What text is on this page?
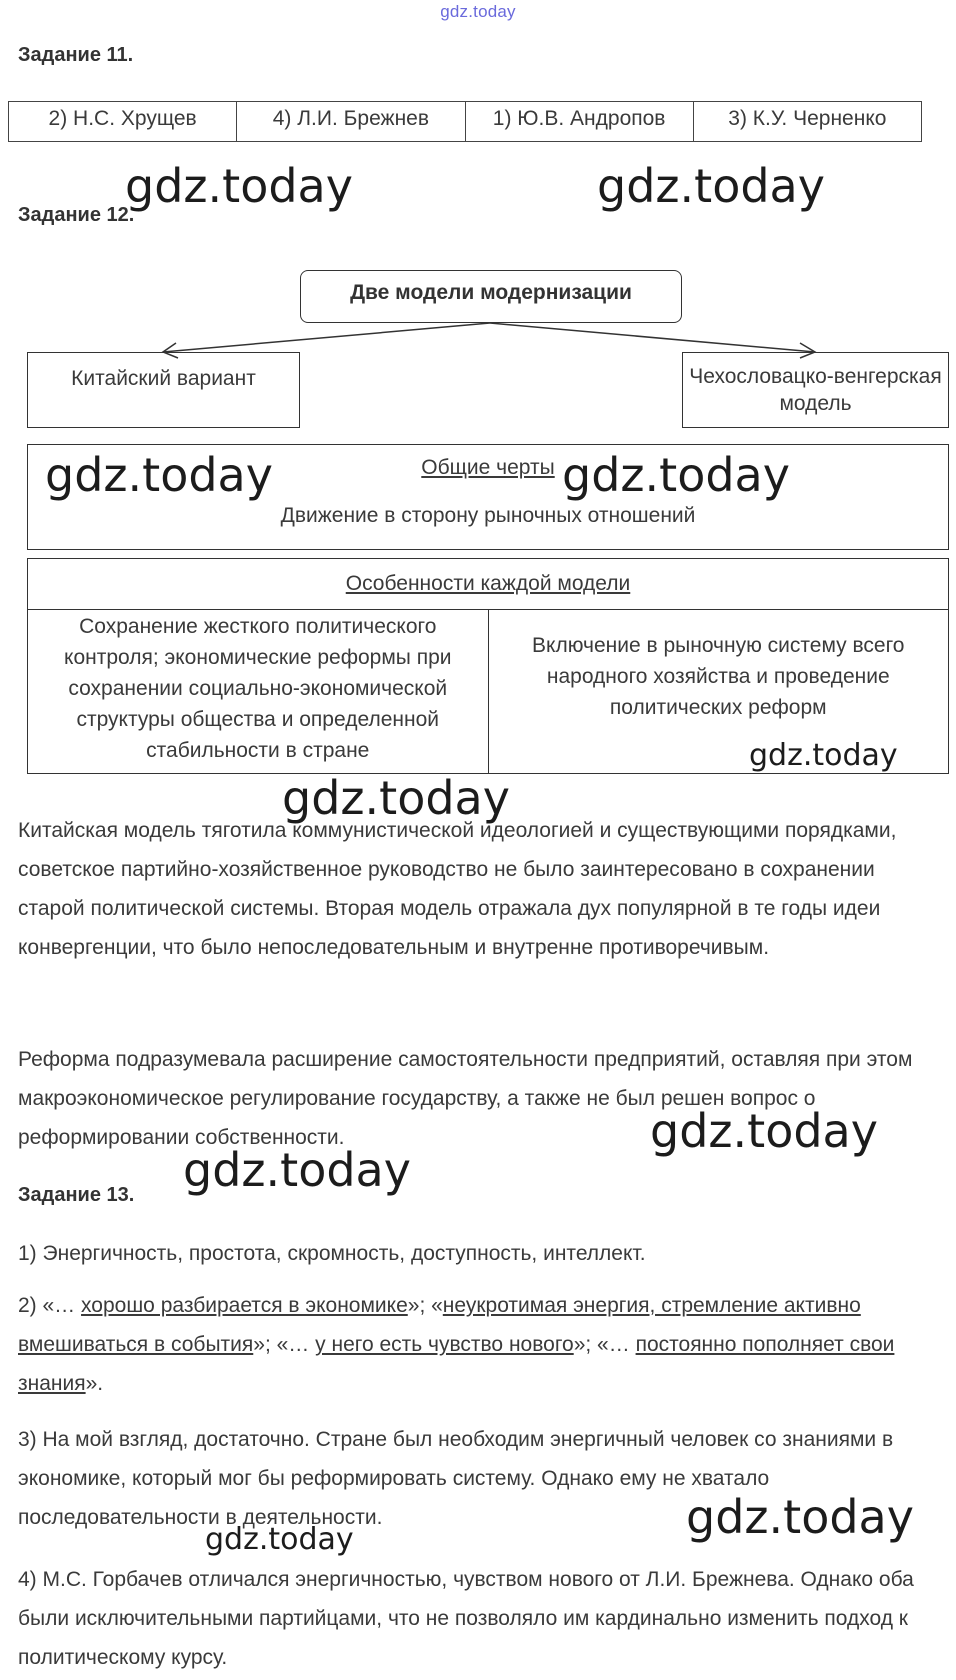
gdz.today
Задание 11.
2) Н.С. Хрущев	4) Л.И. Брежнев	1) Ю.В. Андропов	3) К.У. Черненко
Задание 12.
Две модели модернизации
Китайский вариант	Чехословацко-венгерская модель
Общие черты
Движение в сторону рыночных отношений
Особенности каждой модели
Сохранение жесткого политического контроля; экономические реформы при сохранении социально-экономической структуры общества и определенной стабильности в стране
Включение в рыночную систему всего народного хозяйства и проведение политических реформ

Китайская модель тяготила коммунистической идеологией и существующими порядками, советское партийно-хозяйственное руководство не было заинтересовано в сохранении старой политической системы. Вторая модель отражала дух популярной в те годы идеи конвергенции, что было непоследовательным и внутренне противоречивым.

Реформа подразумевала расширение самостоятельности предприятий, оставляя при этом макроэкономическое регулирование государству, а также не был решен вопрос о реформировании собственности.

Задание 13.

1) Энергичность, простота, скромность, доступность, интеллект.

2) «… хорошо разбирается в экономике»; «неукротимая энергия, стремление активно вмешиваться в события»; «… у него есть чувство нового»; «… постоянно пополняет свои знания».

3) На мой взгляд, достаточно. Стране был необходим энергичный человек со знаниями в экономике, который мог бы реформировать систему. Однако ему не хватало последовательности в деятельности.

4) М.С. Горбачев отличался энергичностью, чувством нового от Л.И. Брежнева. Однако оба были исключительными партийцами, что не позволяло им кардинально изменить подход к политическому курсу.

gdz.today	gdz.today
gdz.today	gdz.today
gdz.today
gdz.today
gdz.today
gdz.today
gdz.today
gdz.today
